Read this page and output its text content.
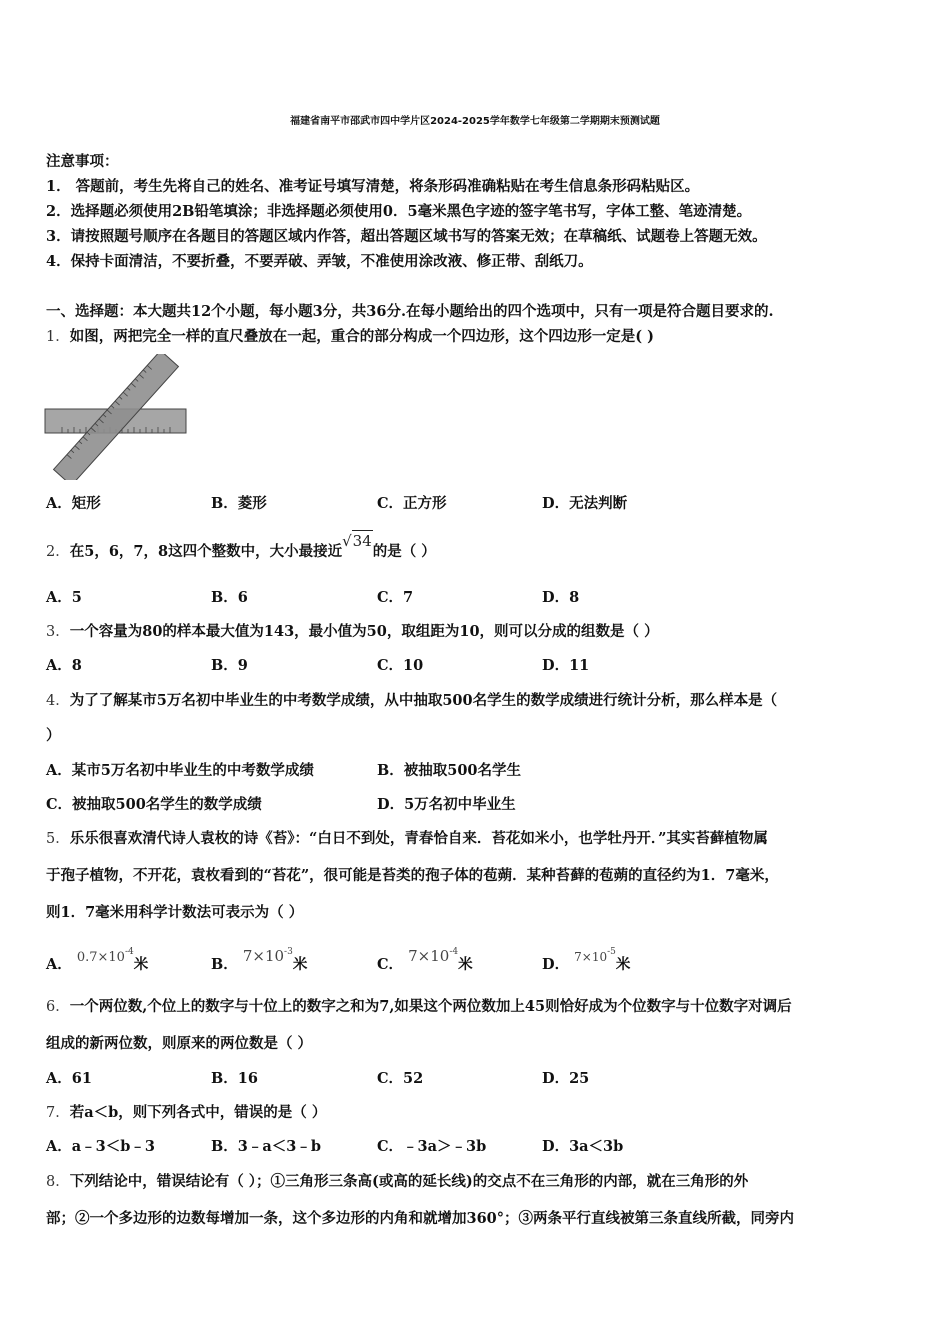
福建省南平市邵武市四中学片区2024-2025学年数学七年级第二学期期末预测试题
注意事项：
1． 答题前，考生先将自己的姓名、准考证号填写清楚，将条形码准确粘贴在考生信息条形码粘贴区。
2．选择题必须使用2B铅笔填涂；非选择题必须使用0．5毫米黑色字迹的签字笔书写，字体工整、笔迹清楚。
3．请按照题号顺序在各题目的答题区域内作答，超出答题区域书写的答案无效；在草稿纸、试题卷上答题无效。
4．保持卡面清洁，不要折叠，不要弄破、弄皱，不准使用涂改液、修正带、刮纸刀。
一、选择题：本大题共12个小题，每小题3分，共36分.在每小题给出的四个选项中，只有一项是符合题目要求的.
1．如图，两把完全一样的直尺叠放在一起，重合的部分构成一个四边形，这个四边形一定是( )
A．矩形	B．菱形	C．正方形	D．无法判断
2．在5，6，7，8这四个整数中，大小最接近√34的是（ ）
A．5	B．6	C．7	D．8
3．一个容量为80的样本最大值为143，最小值为50，取组距为10，则可以分成的组数是（ ）
A．8	B．9	C．10	D．11
4．为了了解某市5万名初中毕业生的中考数学成绩，从中抽取500名学生的数学成绩进行统计分析，那么样本是（
）
A．某市5万名初中毕业生的中考数学成绩	B．被抽取500名学生
C．被抽取500名学生的数学成绩	D．5万名初中毕业生
5．乐乐很喜欢清代诗人袁枚的诗《苔》：“白日不到处，青春恰自来．苔花如米小，也学牡丹开．”其实苔藓植物属
于孢子植物，不开花，袁枚看到的“苔花”，很可能是苔类的孢子体的苞蒴．某种苔藓的苞蒴的直径约为1．7毫米，
则1．7毫米用科学计数法可表示为（ ）
A． $0.7\times 10^{-4}$米	B． $7\times 10^{-3}$米	C． $7\times 10^{-4}$米	D． $^{7\times 10^{-5}}$米
6．一个两位数,个位上的数字与十位上的数字之和为7,如果这个两位数加上45则恰好成为个位数字与十位数字对调后
组成的新两位数，则原来的两位数是（ ）
A．61	B．16	C．52	D．25
7．若a＜b，则下列各式中，错误的是（ ）
A．a﹣3＜b﹣3	B．3﹣a＜3﹣b	C．﹣3a＞﹣3b	D．3a＜3b
8．下列结论中，错误结论有（ ）；①三角形三条高(或高的延长线)的交点不在三角形的内部，就在三角形的外
部；②一个多边形的边数每增加一条，这个多边形的内角和就增加360°；③两条平行直线被第三条直线所截，同旁内
